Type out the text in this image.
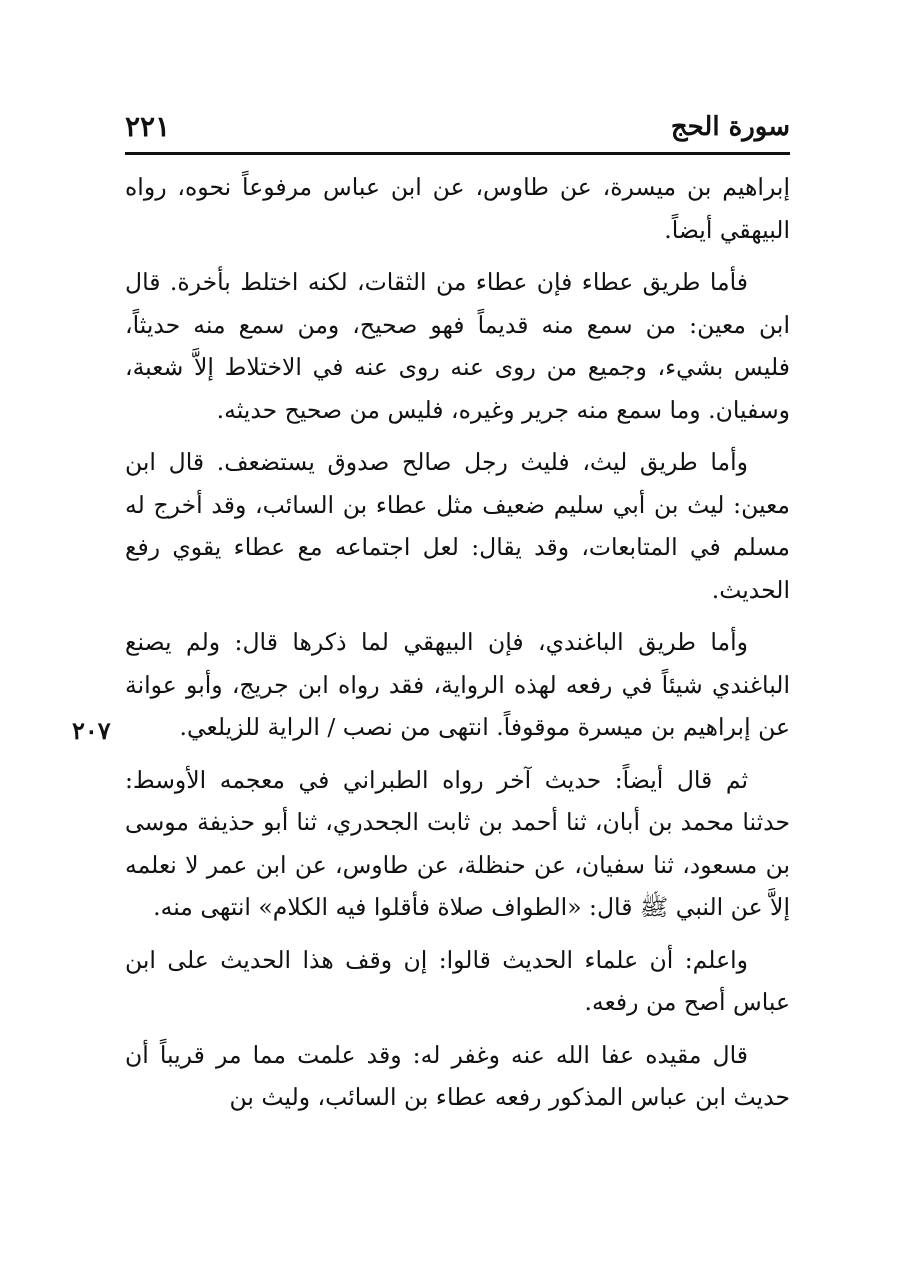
سورة الحج
٢٢١
٢٠٧

إبراهيم بن ميسرة، عن طاوس، عن ابن عباس مرفوعاً نحوه، رواه البيهقي أيضاً.

فأما طريق عطاء فإن عطاء من الثقات، لكنه اختلط بأخرة. قال ابن معين: من سمع منه قديماً فهو صحيح، ومن سمع منه حديثاً، فليس بشيء، وجميع من روى عنه روى عنه في الاختلاط إلاَّ شعبة، وسفيان. وما سمع منه جرير وغيره، فليس من صحيح حديثه.

وأما طريق ليث، فليث رجل صالح صدوق يستضعف. قال ابن معين: ليث بن أبي سليم ضعيف مثل عطاء بن السائب، وقد أخرج له مسلم في المتابعات، وقد يقال: لعل اجتماعه مع عطاء يقوي رفع الحديث.

وأما طريق الباغندي، فإن البيهقي لما ذكرها قال: ولم يصنع الباغندي شيئاً في رفعه لهذه الرواية، فقد رواه ابن جريج، وأبو عوانة عن إبراهيم بن ميسرة موقوفاً. انتهى من نصب / الراية للزيلعي.

ثم قال أيضاً: حديث آخر رواه الطبراني في معجمه الأوسط: حدثنا محمد بن أبان، ثنا أحمد بن ثابت الجحدري، ثنا أبو حذيفة موسى بن مسعود، ثنا سفيان، عن حنظلة، عن طاوس، عن ابن عمر لا نعلمه إلاَّ عن النبي ﷺ قال: «الطواف صلاة فأقلوا فيه الكلام» انتهى منه.

واعلم: أن علماء الحديث قالوا: إن وقف هذا الحديث على ابن عباس أصح من رفعه.

قال مقيده عفا الله عنه وغفر له: وقد علمت مما مر قريباً أن حديث ابن عباس المذكور رفعه عطاء بن السائب، وليث بن
